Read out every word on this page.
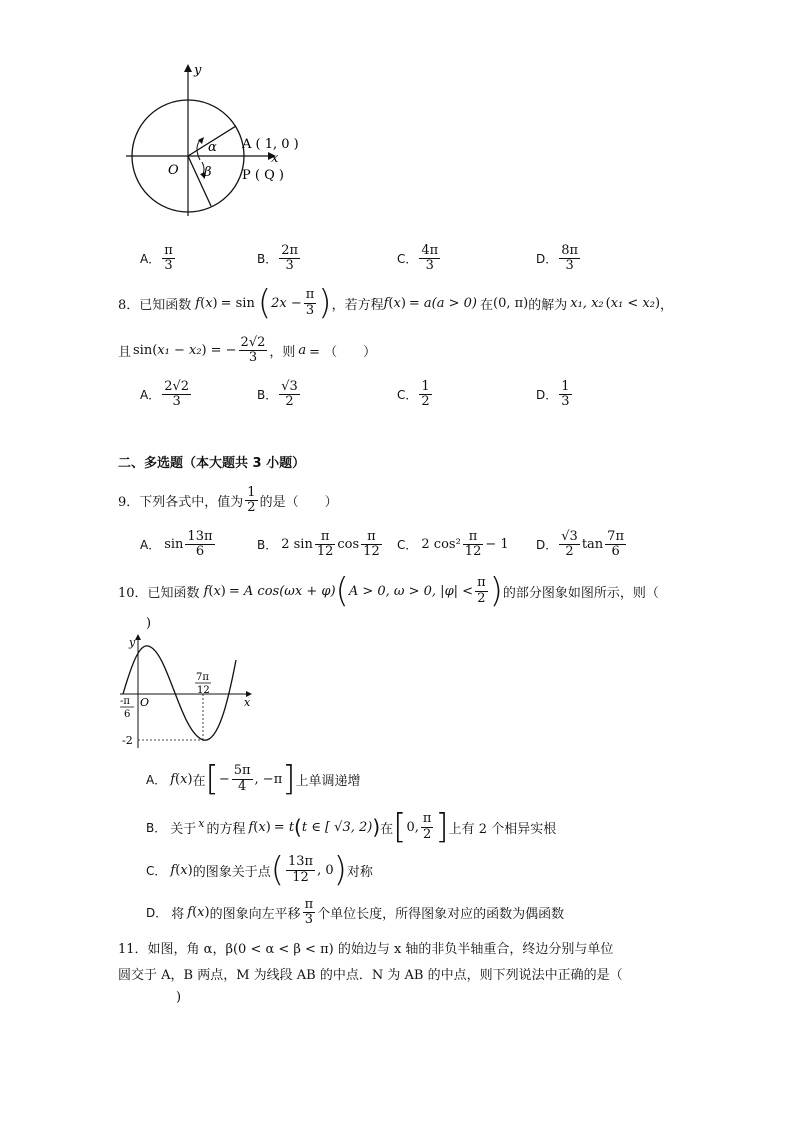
y
x
O
α
β
A ( 1, 0 )
P ( Q )
A． $\frac{\pi}{3}$	B． $\frac{2\pi}{3}$	C． $\frac{4\pi}{3}$	D． $\frac{8\pi}{3}$
8． 已知函数 f ( x ) = sin ( $2x - \frac{\pi}{3}$ ) ，若方程 f ( x ) = a(a > 0) 在 (0, π) 的解为 x₁, x₂ ( x₁ < x₂ ) ，
且 sin ( x₁ − x₂ ) = − $\frac{2√2}{3}$ ，则 a = （　　）
A． $\frac{2√2}{3}$	B． $\frac{√3}{2}$	C． $\frac{1}{2}$	D． $\frac{1}{3}$
二、多选题（本大题共 3 小题）
9． 下列各式中，值为 $\frac{1}{2}$ 的是（　　）
A． $\sin \frac{13\pi}{6}$	B． 2 $\sin \frac{\pi}{12}$ $\cos \frac{\pi}{12}$ C． 2 $\cos^2 \frac{\pi}{12} - 1$ D． $\frac{√3}{2}$ $\tan \frac{7\pi}{6}$
10． 已知函数 f ( x ) = A cos(ωx + φ) ( A > 0, ω > 0, $|\varphi| < \frac{\pi}{2}$ ) 的部分图象如图所示，则（
)
y
x
O
-π
6
7π
12
-2
A． f ( x ) 在 [ − $\frac{5\pi}{4}$ , −π ] 上单调递增
B． 关于 x 的方程 f ( x ) = t ( t ∈ [ √3, 2) ) 在 [ 0, $\frac{\pi}{2}$ ] 上有 2 个相异实根
C． f ( x ) 的图象关于点 ( $\frac{13\pi}{12}$ , 0 ) 对称
D． 将 f ( x ) 的图象向左平移 $\frac{\pi}{3}$ 个单位长度，所得图象对应的函数为偶函数
11．如图，角 α，β(0 < α < β < π) 的始边与 x 轴的非负半轴重合，终边分别与单位
圆交于 A，B 两点，M 为线段 AB 的中点．N 为 AB 的中点，则下列说法中正确的是（
)
